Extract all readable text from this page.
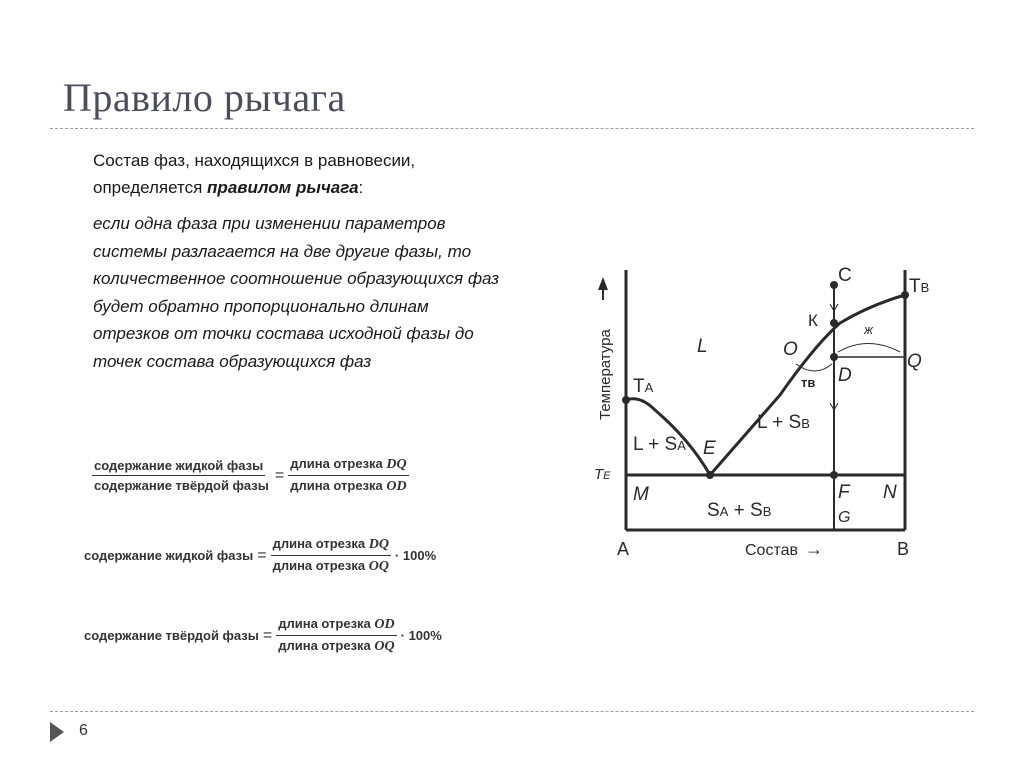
Правило рычага
Состав фаз, находящихся в равновесии, определяется правилом рычага:
если одна фаза при изменении параметров системы разлагается на две другие фазы, то количественное соотношение образующихся фаз будет обратно пропорционально длинам отрезков от точки состава исходной фазы до точек состава образующихся фаз
$\frac{\text{содержание жидкой фазы}}{\text{содержание твёрдой фазы}} = \frac{\text{длина отрезка DQ}}{\text{длина отрезка OD}}$
содержание жидкой фазы = $\frac{\text{длина отрезка DQ}}{\text{длина отрезка OQ}} \cdot 100\%$
содержание твёрдой фазы = $\frac{\text{длина отрезка OD}}{\text{длина отрезка OQ}} \cdot 100\%$
Температура
C
TB
К	ж
O
Q
D
тв
TA
L
L + SB
L + SA E
TE
M	F N
G
SA + SB
A	Состав →	B
6
